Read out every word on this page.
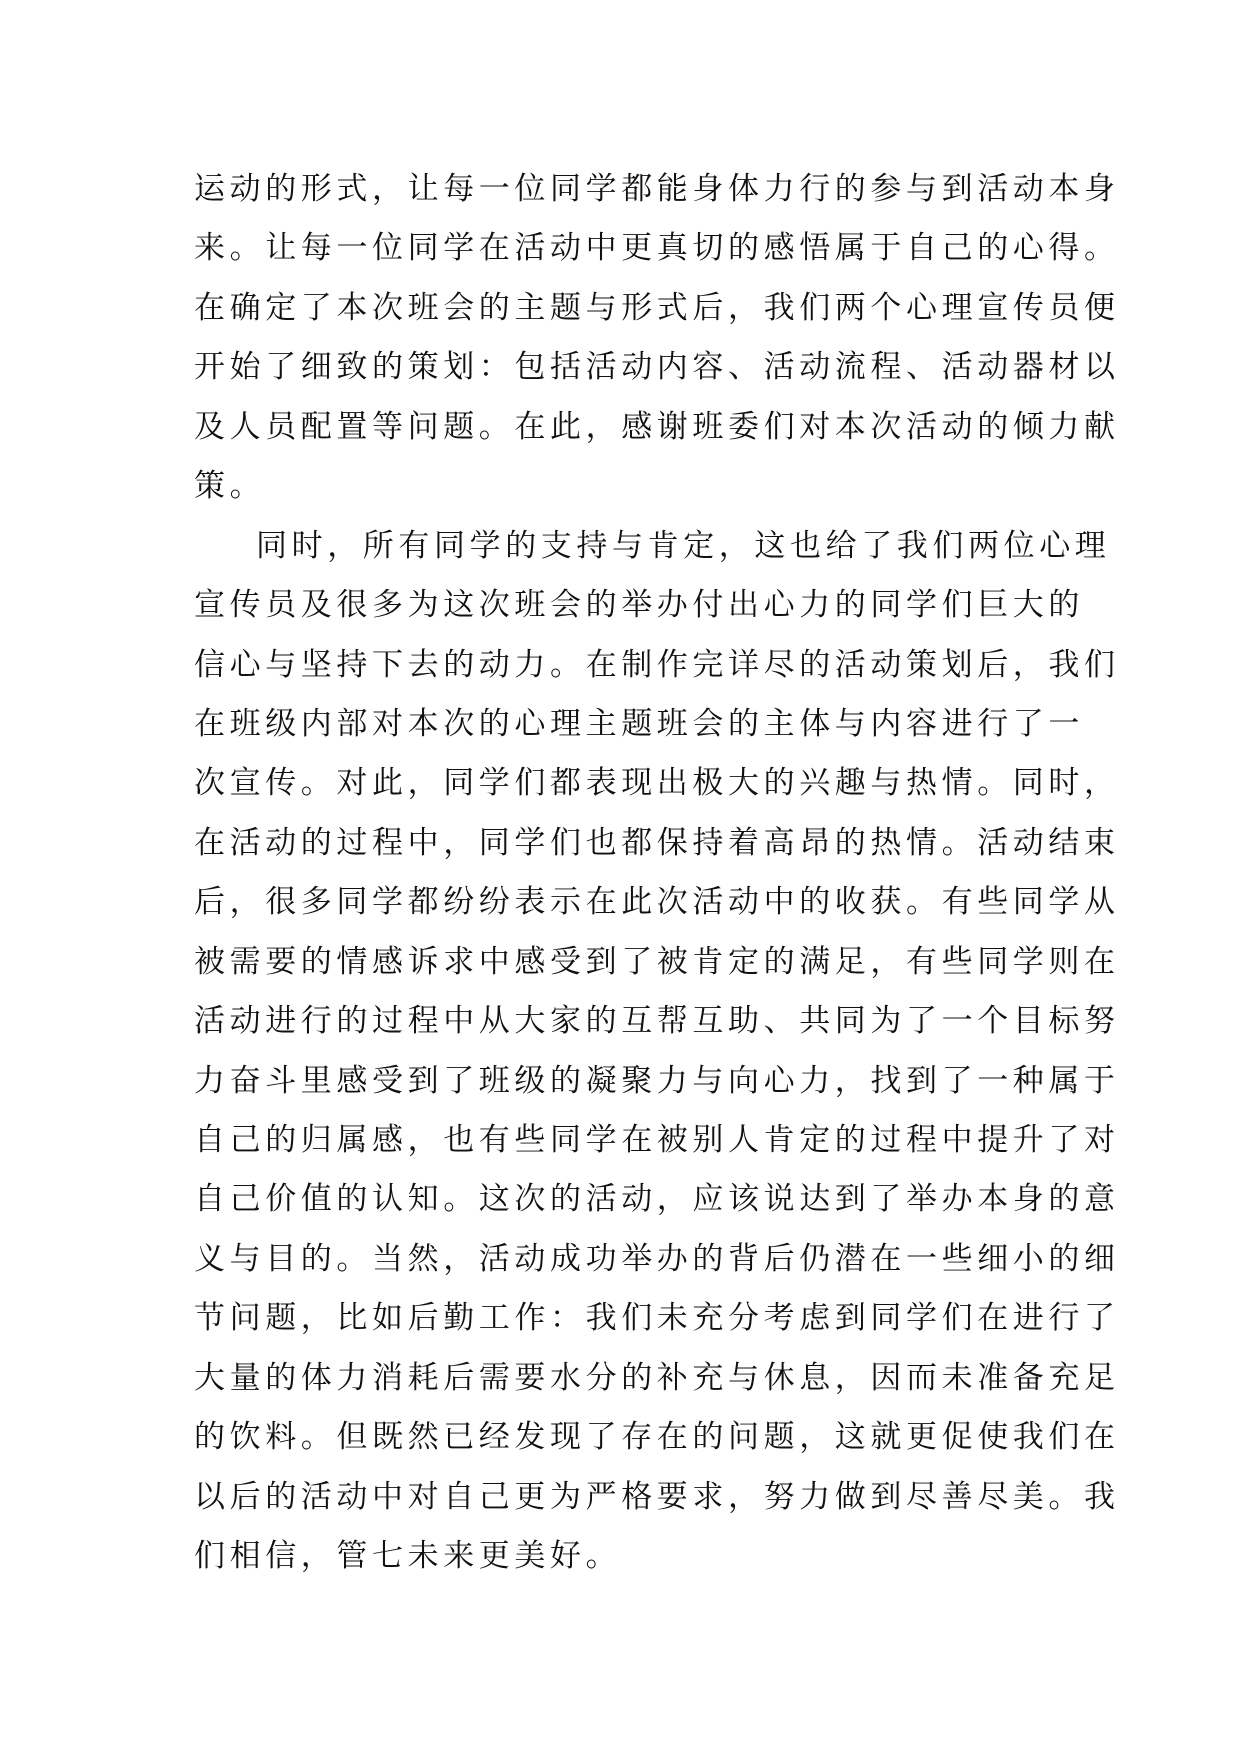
运动的形式，让每一位同学都能身体力行的参与到活动本身
来。让每一位同学在活动中更真切的感悟属于自己的心得。
在确定了本次班会的主题与形式后，我们两个心理宣传员便
开始了细致的策划：包括活动内容、活动流程、活动器材以
及人员配置等问题。在此，感谢班委们对本次活动的倾力献
策。
同时，所有同学的支持与肯定，这也给了我们两位心理
宣传员及很多为这次班会的举办付出心力的同学们巨大的
信心与坚持下去的动力。在制作完详尽的活动策划后，我们
在班级内部对本次的心理主题班会的主体与内容进行了一
次宣传。对此，同学们都表现出极大的兴趣与热情。同时，
在活动的过程中，同学们也都保持着高昂的热情。活动结束
后，很多同学都纷纷表示在此次活动中的收获。有些同学从
被需要的情感诉求中感受到了被肯定的满足，有些同学则在
活动进行的过程中从大家的互帮互助、共同为了一个目标努
力奋斗里感受到了班级的凝聚力与向心力，找到了一种属于
自己的归属感，也有些同学在被别人肯定的过程中提升了对
自己价值的认知。这次的活动，应该说达到了举办本身的意
义与目的。当然，活动成功举办的背后仍潜在一些细小的细
节问题，比如后勤工作：我们未充分考虑到同学们在进行了
大量的体力消耗后需要水分的补充与休息，因而未准备充足
的饮料。但既然已经发现了存在的问题，这就更促使我们在
以后的活动中对自己更为严格要求，努力做到尽善尽美。我
们相信，管七未来更美好。
